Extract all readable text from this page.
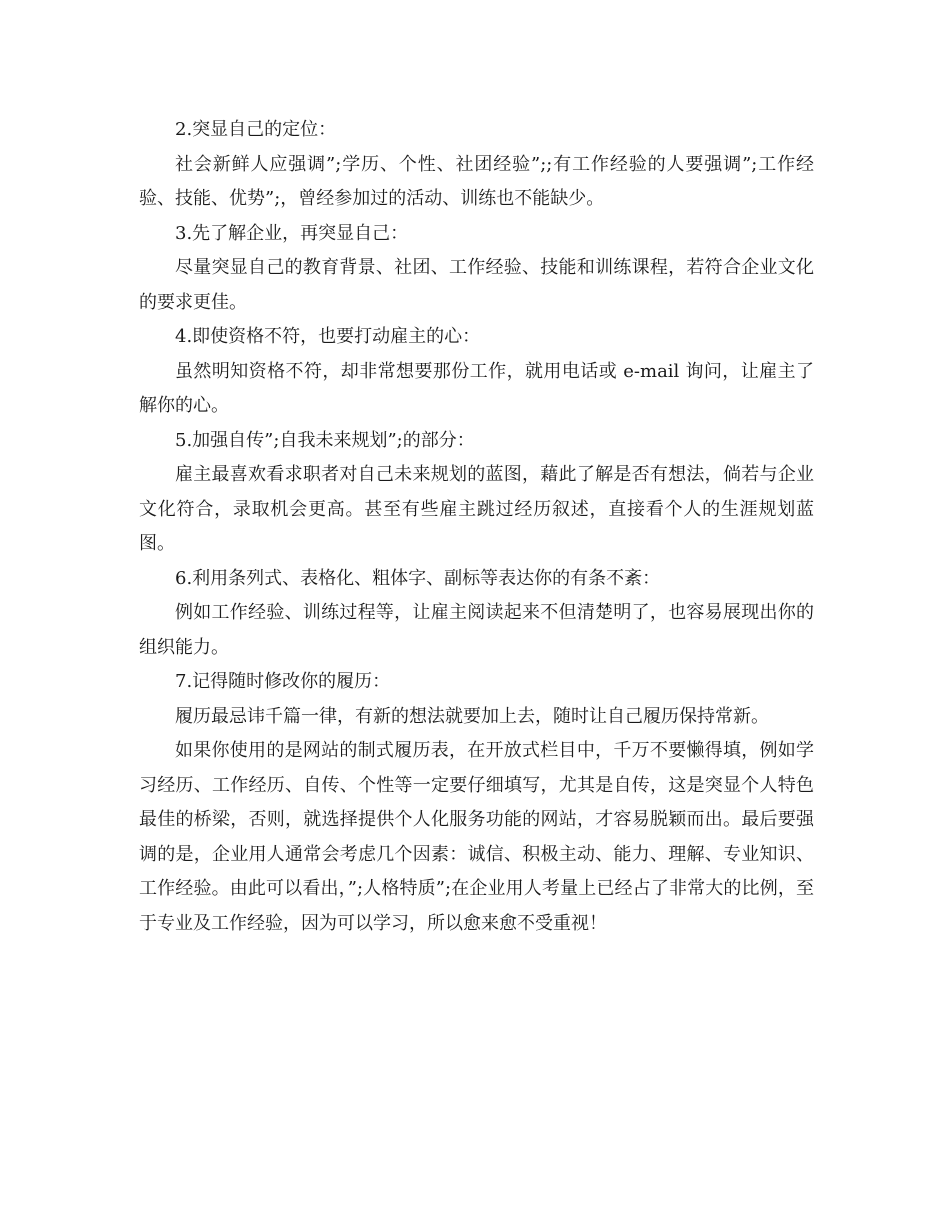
2.突显自己的定位：

社会新鲜人应强调”;学历、个性、社团经验”;;有工作经验的人要强调”;工作经验、技能、优势”;，曾经参加过的活动、训练也不能缺少。

3.先了解企业，再突显自己：

尽量突显自己的教育背景、社团、工作经验、技能和训练课程，若符合企业文化的要求更佳。

4.即使资格不符，也要打动雇主的心：

虽然明知资格不符，却非常想要那份工作，就用电话或 e-mail 询问，让雇主了解你的心。

5.加强自传”;自我未来规划”;的部分：

雇主最喜欢看求职者对自己未来规划的蓝图，藉此了解是否有想法，倘若与企业文化符合，录取机会更高。甚至有些雇主跳过经历叙述，直接看个人的生涯规划蓝图。

6.利用条列式、表格化、粗体字、副标等表达你的有条不紊：

例如工作经验、训练过程等，让雇主阅读起来不但清楚明了，也容易展现出你的组织能力。

7.记得随时修改你的履历：

履历最忌讳千篇一律，有新的想法就要加上去，随时让自己履历保持常新。

如果你使用的是网站的制式履历表，在开放式栏目中，千万不要懒得填，例如学习经历、工作经历、自传、个性等一定要仔细填写，尤其是自传，这是突显个人特色最佳的桥梁，否则，就选择提供个人化服务功能的网站，才容易脱颖而出。最后要强调的是，企业用人通常会考虑几个因素：诚信、积极主动、能力、理解、专业知识、工作经验。由此可以看出，”;人格特质”;在企业用人考量上已经占了非常大的比例，至于专业及工作经验，因为可以学习，所以愈来愈不受重视！
